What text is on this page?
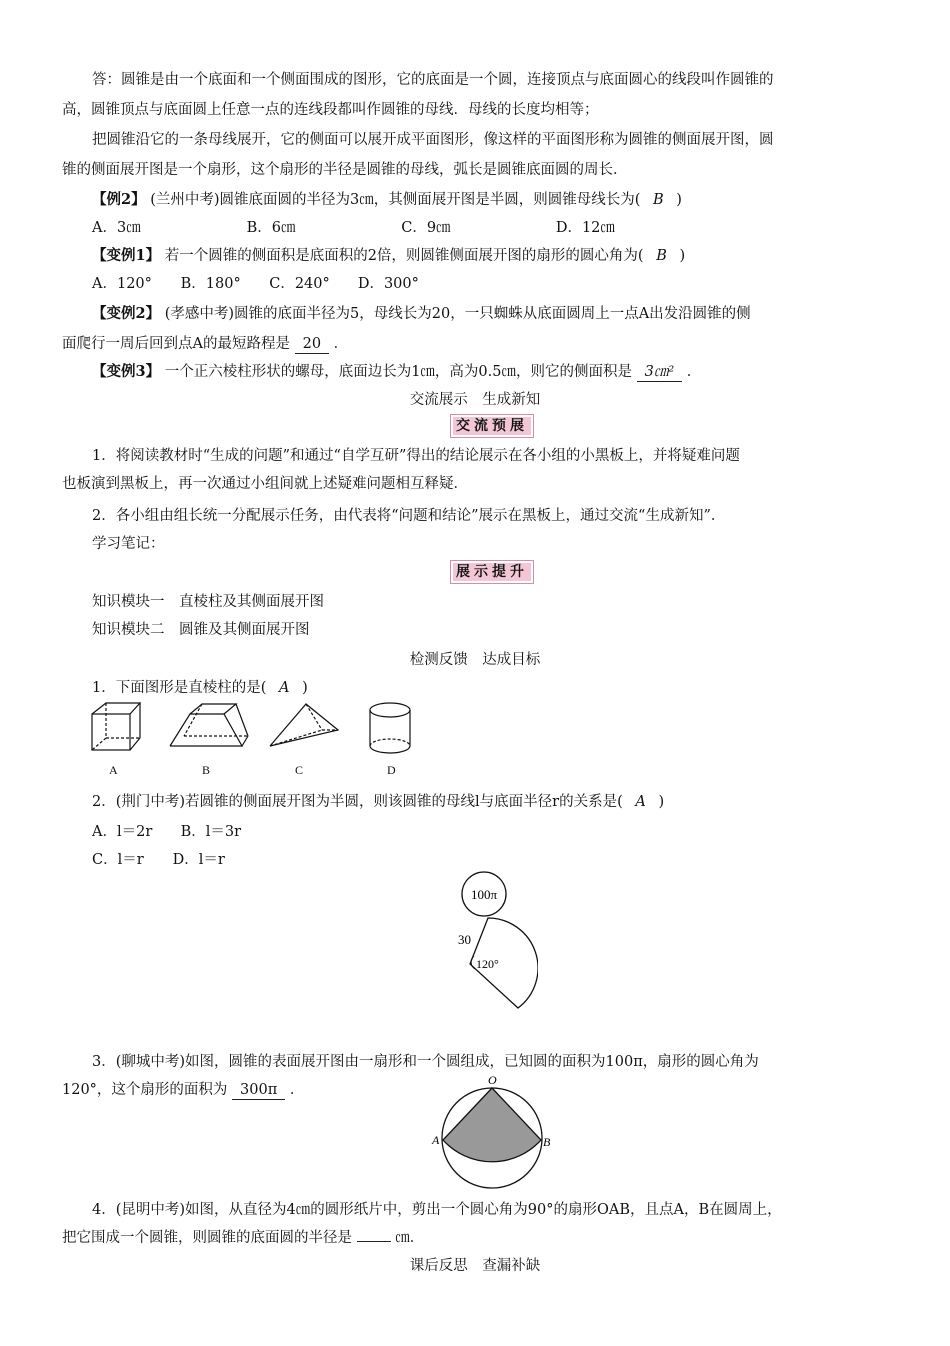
答：圆锥是由一个底面和一个侧面围成的图形，它的底面是一个圆，连接顶点与底面圆心的线段叫作圆锥的
高，圆锥顶点与底面圆上任意一点的连线段都叫作圆锥的母线．母线的长度均相等；
把圆锥沿它的一条母线展开，它的侧面可以展开成平面图形，像这样的平面图形称为圆锥的侧面展开图，圆
锥的侧面展开图是一个扇形，这个扇形的半径是圆锥的母线，弧长是圆锥底面圆的周长．
【例2】 (兰州中考)圆锥底面圆的半径为3㎝，其侧面展开图是半圆，则圆锥母线长为( B )
A．3㎝	B．6㎝	C．9㎝	D．12㎝
【变例1】 若一个圆锥的侧面积是底面积的2倍，则圆锥侧面展开图的扇形的圆心角为( B )
A．120° B．180° C．240° D．300°
【变例2】 (孝感中考)圆锥的底面半径为5，母线长为20，一只蜘蛛从底面圆周上一点A出发沿圆锥的侧
面爬行一周后回到点A的最短路程是 20 ．
【变例3】 一个正六棱柱形状的螺母，底面边长为1㎝，高为0.5㎝，则它的侧面积是 3㎝² ．
交流展示　生成新知
交流预展
1．将阅读教材时“生成的问题”和通过“自学互研”得出的结论展示在各小组的小黑板上，并将疑难问题
也板演到黑板上，再一次通过小组间就上述疑难问题相互释疑．
2．各小组由组长统一分配展示任务，由代表将“问题和结论”展示在黑板上，通过交流“生成新知”．
学习笔记：
展示提升
知识模块一　直棱柱及其侧面展开图
知识模块二　圆锥及其侧面展开图
检测反馈　达成目标
1．下面图形是直棱柱的是( A )
A	B	C	D
2．(荆门中考)若圆锥的侧面展开图为半圆，则该圆锥的母线l与底面半径r的关系是( A )
A．l＝2r B．l＝3r
C．l＝r D．l＝r
100π
30
120°
3．(聊城中考)如图，圆锥的表面展开图由一扇形和一个圆组成，已知圆的面积为100π，扇形的圆心角为
120°，这个扇形的面积为 300π ．
O
A	B
4．(昆明中考)如图，从直径为4㎝的圆形纸片中，剪出一个圆心角为90°的扇形OAB，且点A，B在圆周上，
把它围成一个圆锥，则圆锥的底面圆的半径是	㎝．
课后反思　查漏补缺
